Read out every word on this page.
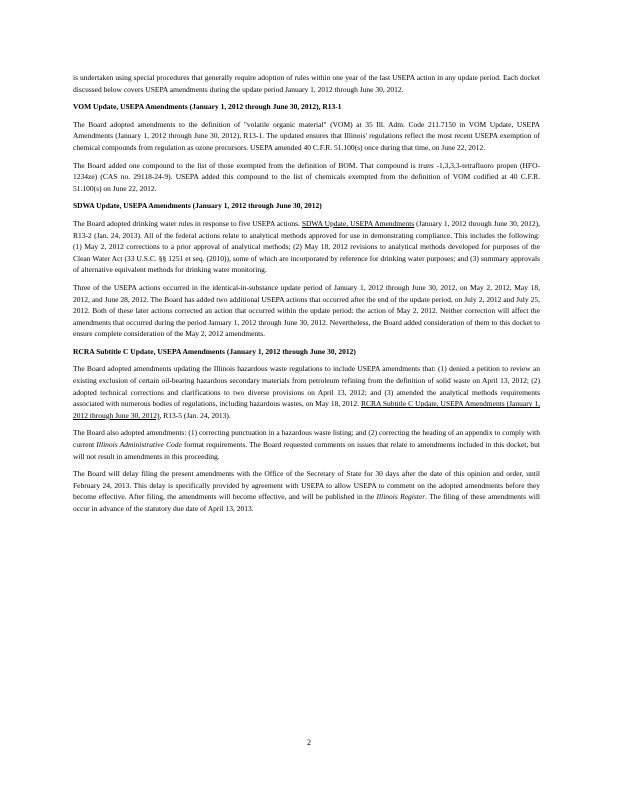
is undertaken using special procedures that generally require adoption of rules within one year of the last USEPA action in any update period. Each docket discussed below covers USEPA amendments during the update period January 1, 2012 through June 30, 2012.

VOM Update, USEPA Amendments (January 1, 2012 through June 30, 2012), R13-1

The Board adopted amendments to the definition of "volatile organic material" (VOM) at 35 Ill. Adm. Code 211.7150 in VOM Update, USEPA Amendments (January 1, 2012 through June 30, 2012), R13-1. The updated ensures that Illinois' regulations reflect the most recent USEPA exemption of chemical compounds from regulation as ozone precursors. USEPA amended 40 C.F.R. 51.100(s) once during that time, on June 22, 2012.

The Board added one compound to the list of those exempted from the definition of BOM. That compound is trans -1,3,3,3-tetrafluoro propen (HFO-1234ze) (CAS no. 29118-24-9). USEPA added this compound to the list of chemicals exempted from the definition of VOM codified at 40 C.F.R. 51.100(s) on June 22, 2012.

SDWA Update, USEPA Amendments (January 1, 2012 through June 30, 2012)

The Board adopted drinking water rules in response to five USEPA actions. SDWA Update, USEPA Amendments (January 1, 2012 through June 30, 2012), R13-2 (Jan. 24, 2013). All of the federal actions relate to analytical methods approved for use in demonstrating compliance. This includes the following: (1) May 2, 2012 corrections to a prior approval of analytical methods; (2) May 18, 2012 revisions to analytical methods developed for purposes of the Clean Water Act (33 U.S.C. §§ 1251 et seq. (2010)), some of which are incorporated by reference for drinking water purposes; and (3) summary approvals of alternative equivalent methods for drinking water monitoring.

Three of the USEPA actions occurred in the identical-in-substance update period of January 1, 2012 through June 30, 2012, on May 2, 2012, May 18, 2012, and June 28, 2012. The Board has added two additional USEPA actions that occurred after the end of the update period, on July 2, 2012 and July 25, 2012. Both of these later actions corrected an action that occurred within the update period: the action of May 2, 2012. Neither correction will affect the amendments that occurred during the period January 1, 2012 through June 30, 2012. Nevertheless, the Board added consideration of them to this docket to ensure complete consideration of the May 2, 2012 amendments.

RCRA Subtitle C Update, USEPA Amendments (January 1, 2012 through June 30, 2012)

The Board adopted amendments updating the Illinois hazardous waste regulations to include USEPA amendments that: (1) denied a petition to review an existing exclusion of certain oil-bearing hazardous secondary materials from petroleum refining from the definition of solid waste on April 13, 2012; (2) adopted technical corrections and clarifications to two diverse provisions on April 13, 2012; and (3) amended the analytical methods requirements associated with numerous bodies of regulations, including hazardous wastes, on May 18, 2012. RCRA Subtitle C Update, USEPA Amendments (January 1, 2012 through June 30, 2012), R13-5 (Jan. 24, 2013).

The Board also adopted amendments: (1) correcting punctuation in a hazardous waste listing; and (2) correcting the heading of an appendix to comply with current Illinois Administrative Code format requirements. The Board requested comments on issues that relate to amendments included in this docket, but will not result in amendments in this proceeding.

The Board will delay filing the present amendments with the Office of the Secretary of State for 30 days after the date of this opinion and order, until February 24, 2013. This delay is specifically provided by agreement with USEPA to allow USEPA to comment on the adopted amendments before they become effective. After filing, the amendments will become effective, and will be published in the Illinois Register. The filing of these amendments will occur in advance of the statutory due date of April 13, 2013.

2
